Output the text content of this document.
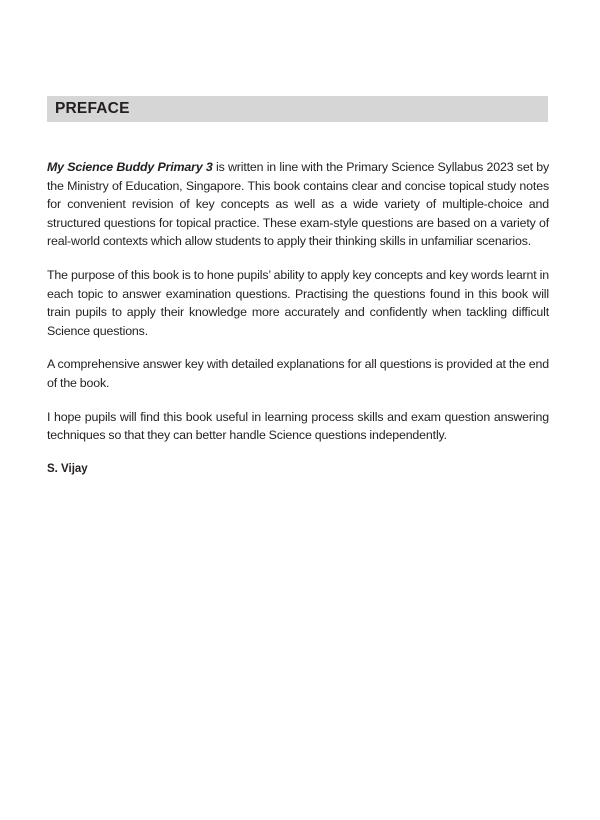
PREFACE

My Science Buddy Primary 3 is written in line with the Primary Science Syllabus 2023 set by the Ministry of Education, Singapore. This book contains clear and concise topical study notes for convenient revision of key concepts as well as a wide variety of multiple-choice and structured questions for topical practice. These exam-style questions are based on a variety of real-world contexts which allow students to apply their thinking skills in unfamiliar scenarios.

The purpose of this book is to hone pupils’ ability to apply key concepts and key words learnt in each topic to answer examination questions. Practising the questions found in this book will train pupils to apply their knowledge more accurately and confidently when tackling difficult Science questions.

A comprehensive answer key with detailed explanations for all questions is provided at the end of the book.

I hope pupils will find this book useful in learning process skills and exam question answering techniques so that they can better handle Science questions independently.

S. Vijay
